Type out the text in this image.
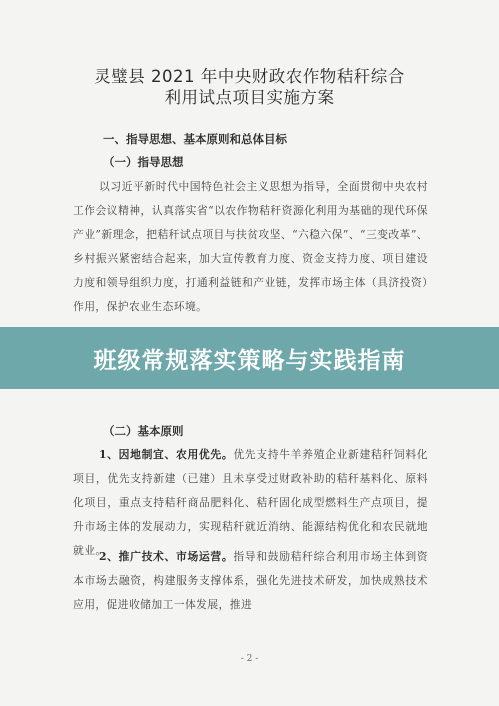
灵璧县 2021 年中央财政农作物秸秆综合
利用试点项目实施方案
一、指导思想、基本原则和总体目标
（一）指导思想
以习近平新时代中国特色社会主义思想为指导，全面贯彻中央农村工作会议精神，认真落实省“以农作物秸秆资源化利用为基础的现代环保产业”新理念，把秸秆试点项目与扶贫攻坚、“六稳六保”、“三变改革”、乡村振兴紧密结合起来，加大宣传教育力度、资金支持力度、项目建设力度和领导组织力度，打通利益链和产业链，发挥市场主体（具济投资）作用，保护农业生态环境。
（二）基本原则
1、因地制宜、农用优先。优先支持牛羊养殖企业新建秸秆饲料化项目，优先支持新建（已建）且未享受过财政补助的秸秆基料化、原料化项目，重点支持秸秆商品肥料化、秸秆固化成型燃料生产点项目，提升市场主体的发展动力，实现秸秆就近消纳、能源结构优化和农民就地就业。
2、推广技术、市场运营。指导和鼓励秸秆综合利用市场主体到资本市场去融资，构建服务支撑体系，强化先进技术研发，加快成熟技术应用，促进收储加工一体发展，推进
- 2 -
班级常规落实策略与实践指南
